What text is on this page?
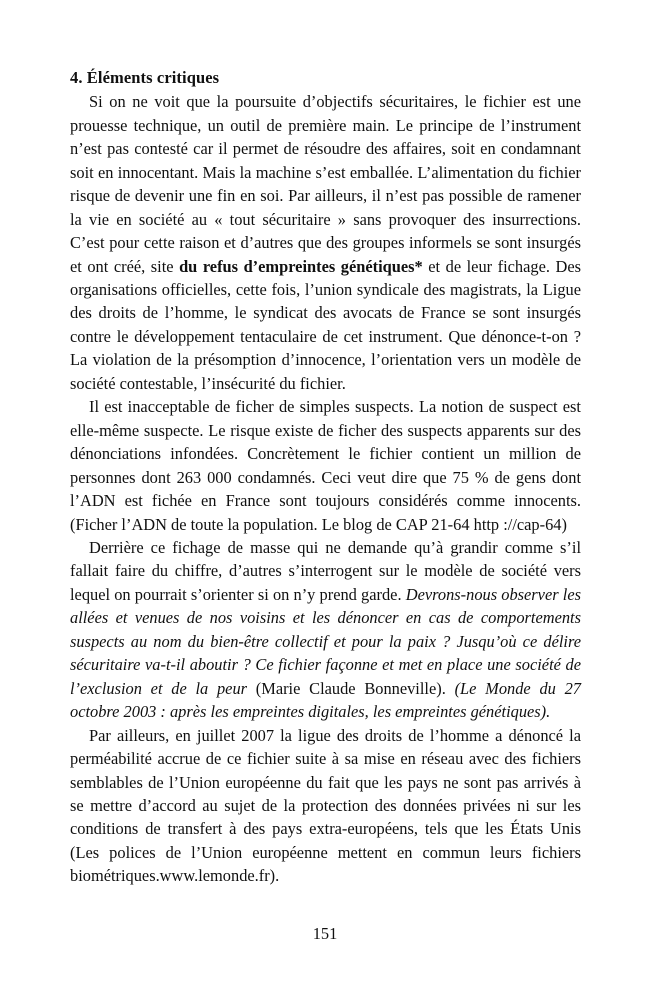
4. Éléments critiques

Si on ne voit que la poursuite d’objectifs sécuritaires, le fichier est une prouesse technique, un outil de première main. Le principe de l’instrument n’est pas contesté car il permet de résoudre des affaires, soit en condamnant soit en innocentant. Mais la machine s’est emballée. L’alimentation du fichier risque de devenir une fin en soi. Par ailleurs, il n’est pas possible de ramener la vie en société au « tout sécuritaire » sans provoquer des insurrections. C’est pour cette raison et d’autres que des groupes informels se sont insurgés et ont créé, site du refus d’empreintes génétiques* et de leur fichage. Des organisations officielles, cette fois, l’union syndicale des magistrats, la Ligue des droits de l’homme, le syndicat des avocats de France se sont insurgés contre le développement tentaculaire de cet instrument. Que dénonce-t-on ? La violation de la présomption d’innocence, l’orientation vers un modèle de société contestable, l’insécurité du fichier.

Il est inacceptable de ficher de simples suspects. La notion de suspect est elle-même suspecte. Le risque existe de ficher des suspects apparents sur des dénonciations infondées. Concrètement le fichier contient un million de personnes dont 263 000 condamnés. Ceci veut dire que 75 % de gens dont l’ADN est fichée en France sont toujours considérés comme innocents. (Ficher l’ADN de toute la population. Le blog de CAP 21-64 http ://cap-64)

Derrière ce fichage de masse qui ne demande qu’à grandir comme s’il fallait faire du chiffre, d’autres s’interrogent sur le modèle de société vers lequel on pourrait s’orienter si on n’y prend garde. Devrons-nous observer les allées et venues de nos voisins et les dénoncer en cas de comportements suspects au nom du bien-être collectif et pour la paix ? Jusqu’où ce délire sécuritaire va-t-il aboutir ? Ce fichier façonne et met en place une société de l’exclusion et de la peur (Marie Claude Bonneville). (Le Monde du 27 octobre 2003 : après les empreintes digitales, les empreintes génétiques).

Par ailleurs, en juillet 2007 la ligue des droits de l’homme a dénoncé la perméabilité accrue de ce fichier suite à sa mise en réseau avec des fichiers semblables de l’Union européenne du fait que les pays ne sont pas arrivés à se mettre d’accord au sujet de la protection des données privées ni sur les conditions de transfert à des pays extra-européens, tels que les États Unis (Les polices de l’Union européenne mettent en commun leurs fichiers biométriques.www.lemonde.fr).

151
